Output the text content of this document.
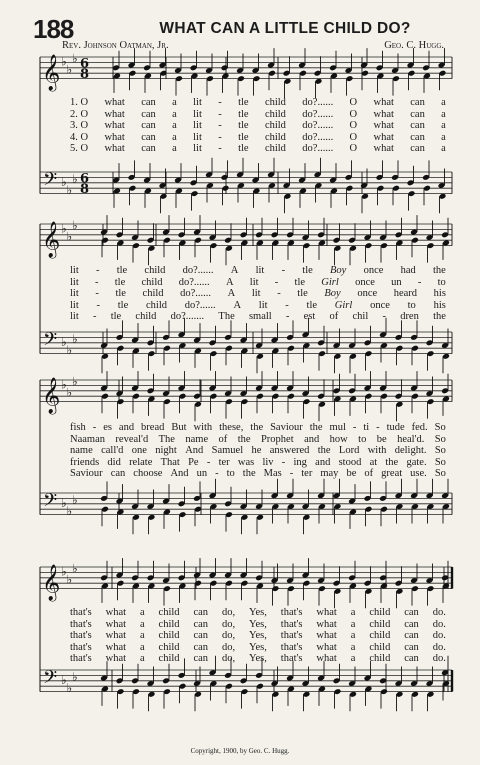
188	WHAT CAN A LITTLE CHILD DO?
Rev. Johnson Oatman, Jr.	Geo. C. Hugg.
𝄞
𝄢
♭
♭
♭
♭
♭
♭
6
8
6
8
𝄞
𝄢
♭
♭
♭
♭
♭
♭
𝄞
𝄢
♭
♭
♭
♭
♭
♭
𝄞
𝄢
♭
♭
♭
♭
♭
♭
1. O what can a lit - tle child do?...... O what can a
2. O what can a lit - tle child do?...... O what can a
3. O what can a lit - tle child do?...... O what can a
4. O what can a lit - tle child do?...... O what can a
5. O what can a lit - tle child do?...... O what can a
lit - tle child do?...... A lit - tle Boy once had the
lit - tle child do?...... A lit - tle Girl once un - to
lit - tle child do?...... A lit - tle Boy once heard his
lit - tle child do?...... A lit - tle Girl once to his
lit - tle child do?....... The small - est of chil - dren the
fish - es and bread But with these, the Saviour the mul - ti - tude fed. So
Naaman reveal'd The name of the Prophet and how to be heal'd. So
name call'd one night And Samuel he answered the Lord with delight. So
friends did relate That Pe - ter was liv - ing and stood at the gate. So
Saviour can choose And un - to the Mas - ter may be of great use. So
that's what a child can do, Yes, that's what a child can do.
that's what a child can do, Yes, that's what a child can do.
that's what a child can do, Yes, that's what a child can do.
that's what a child can do, Yes, that's what a child can do.
that's what a child can do, Yes, that's what a child can do.
Copyright, 1900, by Geo. C. Hugg.
